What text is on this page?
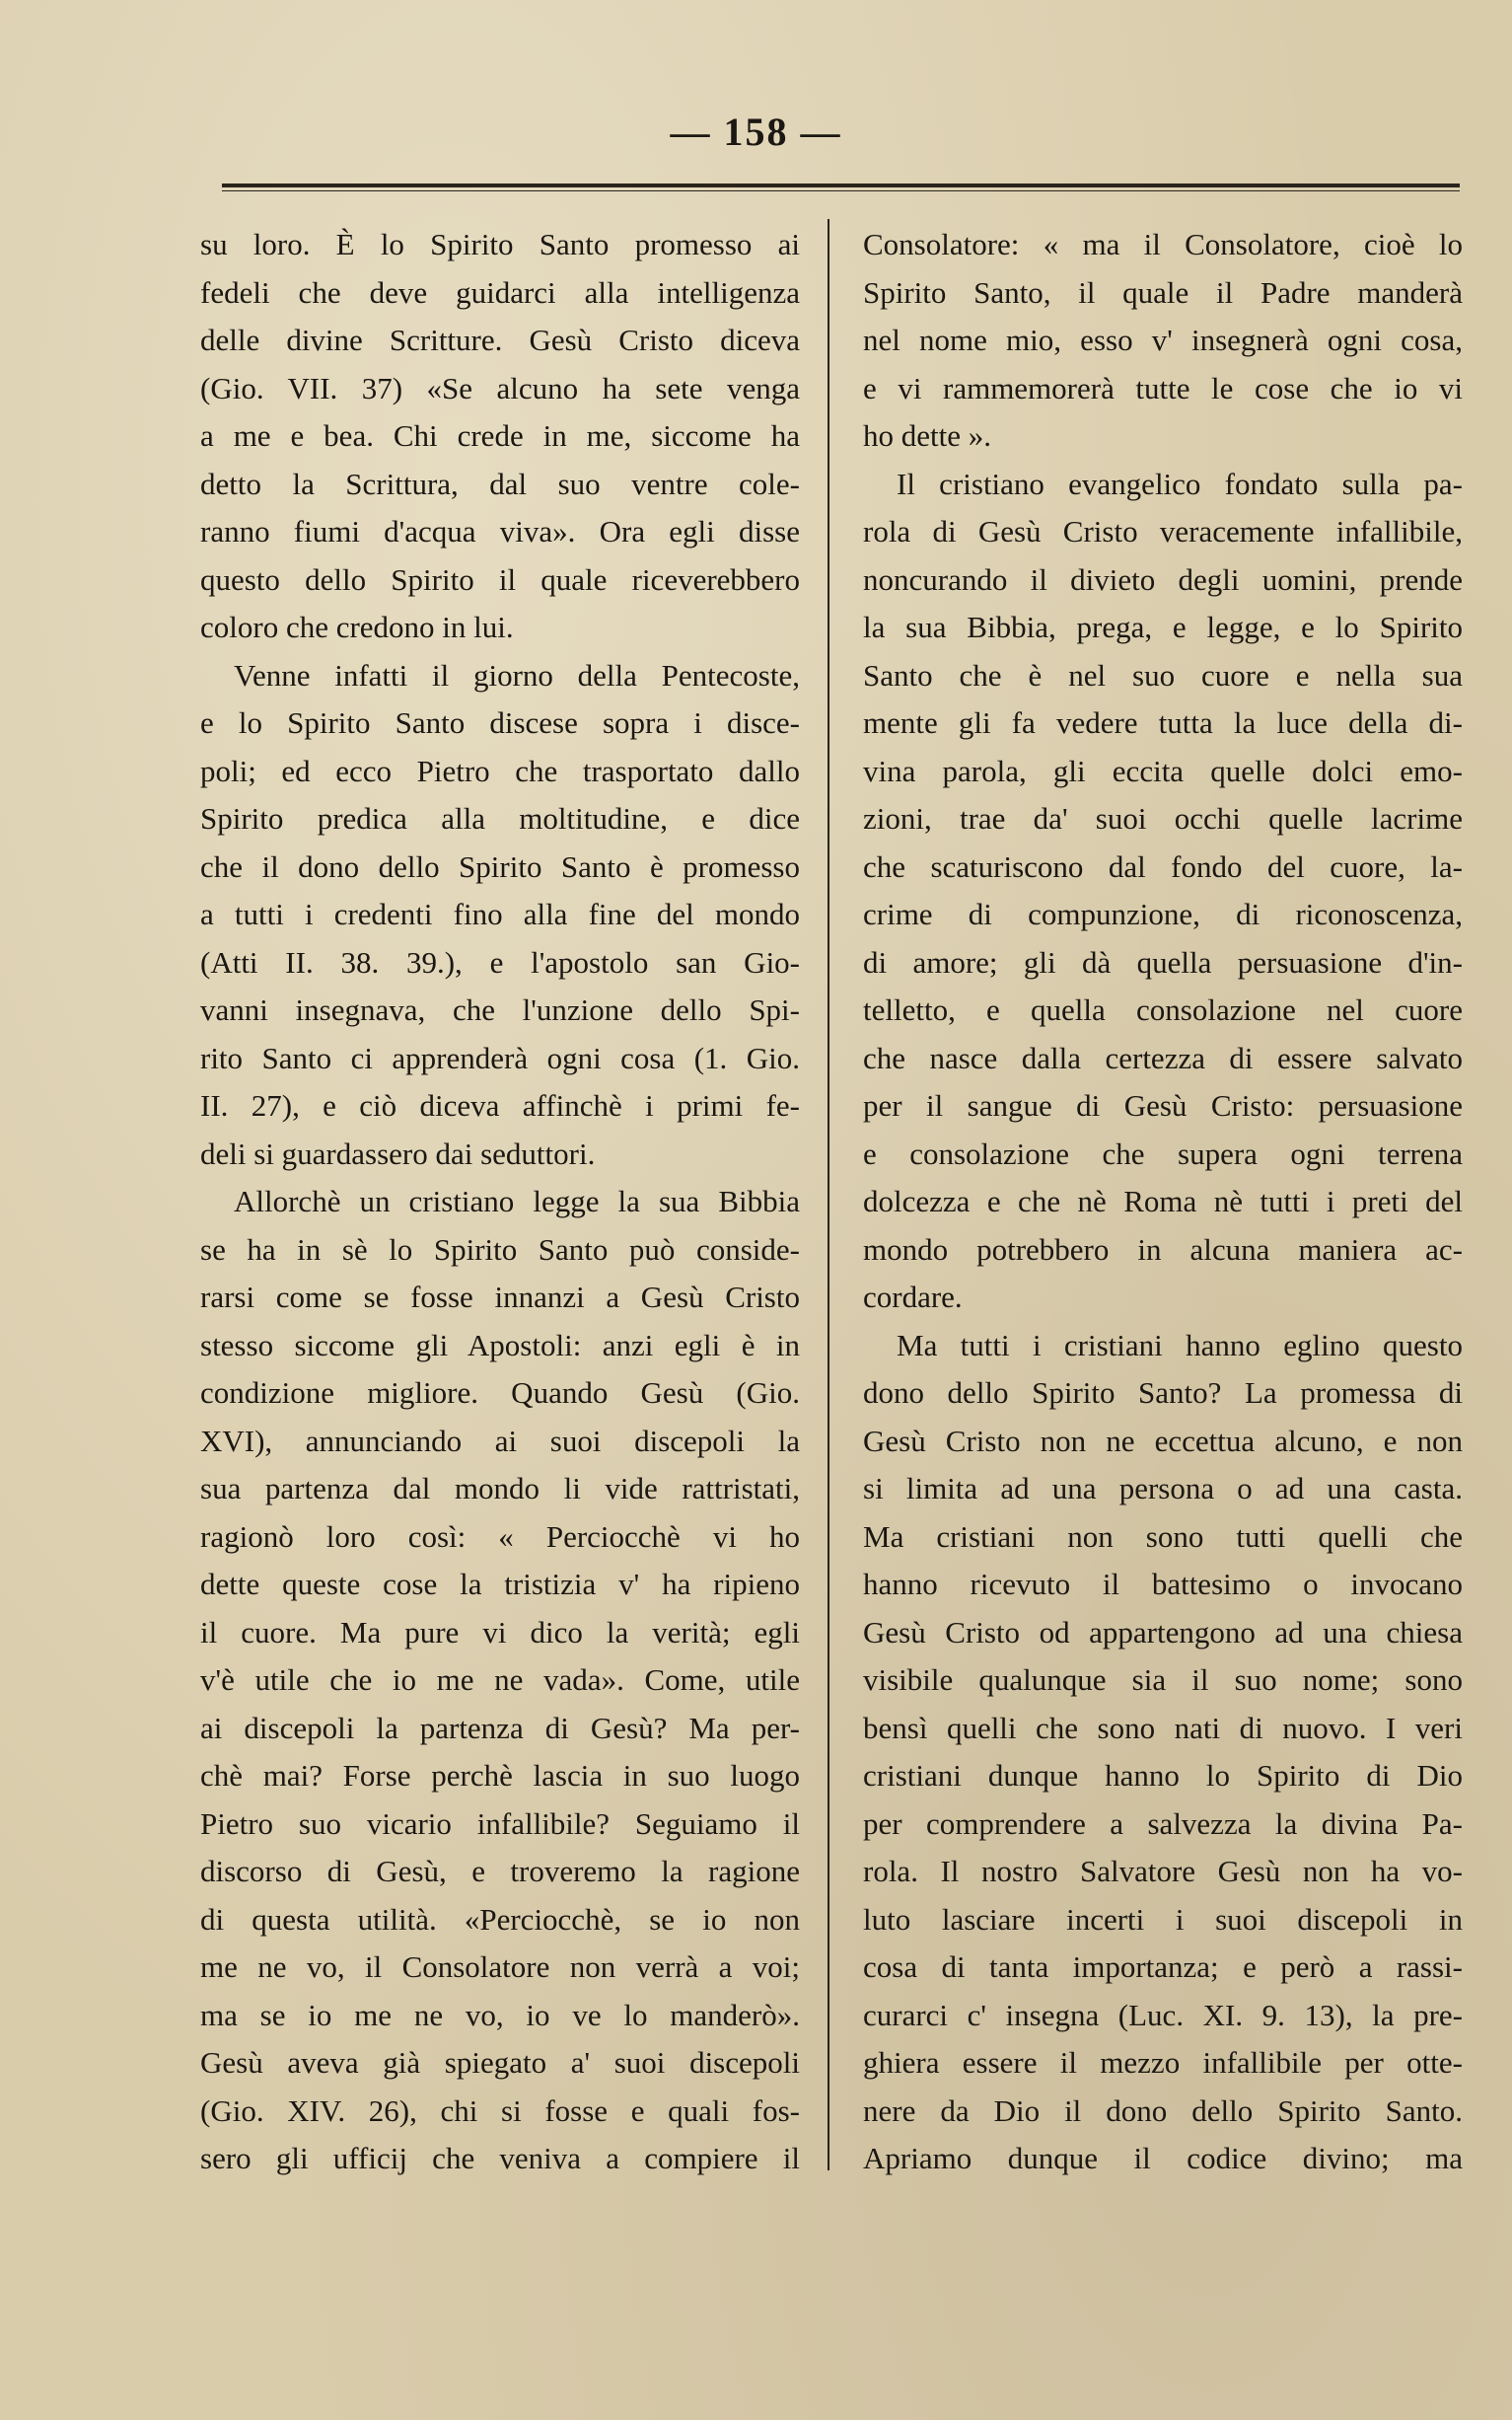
— 158 —
su loro. È lo Spirito Santo promesso ai
fedeli che deve guidarci alla intelligenza
delle divine Scritture. Gesù Cristo diceva
(Gio. VII. 37) «Se alcuno ha sete venga
a me e bea. Chi crede in me, siccome ha
detto la Scrittura, dal suo ventre cole-
ranno fiumi d'acqua viva». Ora egli disse
questo dello Spirito il quale riceverebbero
coloro che credono in lui.
Venne infatti il giorno della Pentecoste,
e lo Spirito Santo discese sopra i disce-
poli; ed ecco Pietro che trasportato dallo
Spirito predica alla moltitudine, e dice
che il dono dello Spirito Santo è promesso
a tutti i credenti fino alla fine del mondo
(Atti II. 38. 39.), e l'apostolo san Gio-
vanni insegnava, che l'unzione dello Spi-
rito Santo ci apprenderà ogni cosa (1. Gio.
II. 27), e ciò diceva affinchè i primi fe-
deli si guardassero dai seduttori.
Allorchè un cristiano legge la sua Bibbia
se ha in sè lo Spirito Santo può conside-
rarsi come se fosse innanzi a Gesù Cristo
stesso siccome gli Apostoli: anzi egli è in
condizione migliore. Quando Gesù (Gio.
XVI), annunciando ai suoi discepoli la
sua partenza dal mondo li vide rattristati,
ragionò loro così: « Perciocchè vi ho
dette queste cose la tristizia v' ha ripieno
il cuore. Ma pure vi dico la verità; egli
v'è utile che io me ne vada». Come, utile
ai discepoli la partenza di Gesù? Ma per-
chè mai? Forse perchè lascia in suo luogo
Pietro suo vicario infallibile? Seguiamo il
discorso di Gesù, e troveremo la ragione
di questa utilità. «Perciocchè, se io non
me ne vo, il Consolatore non verrà a voi;
ma se io me ne vo, io ve lo manderò».
Gesù aveva già spiegato a' suoi discepoli
(Gio. XIV. 26), chi si fosse e quali fos-
sero gli ufficij che veniva a compiere il
Consolatore: « ma il Consolatore, cioè lo
Spirito Santo, il quale il Padre manderà
nel nome mio, esso v' insegnerà ogni cosa,
e vi rammemorerà tutte le cose che io vi
ho dette ».
Il cristiano evangelico fondato sulla pa-
rola di Gesù Cristo veracemente infallibile,
noncurando il divieto degli uomini, prende
la sua Bibbia, prega, e legge, e lo Spirito
Santo che è nel suo cuore e nella sua
mente gli fa vedere tutta la luce della di-
vina parola, gli eccita quelle dolci emo-
zioni, trae da' suoi occhi quelle lacrime
che scaturiscono dal fondo del cuore, la-
crime di compunzione, di riconoscenza,
di amore; gli dà quella persuasione d'in-
telletto, e quella consolazione nel cuore
che nasce dalla certezza di essere salvato
per il sangue di Gesù Cristo: persuasione
e consolazione che supera ogni terrena
dolcezza e che nè Roma nè tutti i preti del
mondo potrebbero in alcuna maniera ac-
cordare.
Ma tutti i cristiani hanno eglino questo
dono dello Spirito Santo? La promessa di
Gesù Cristo non ne eccettua alcuno, e non
si limita ad una persona o ad una casta.
Ma cristiani non sono tutti quelli che
hanno ricevuto il battesimo o invocano
Gesù Cristo od appartengono ad una chiesa
visibile qualunque sia il suo nome; sono
bensì quelli che sono nati di nuovo. I veri
cristiani dunque hanno lo Spirito di Dio
per comprendere a salvezza la divina Pa-
rola. Il nostro Salvatore Gesù non ha vo-
luto lasciare incerti i suoi discepoli in
cosa di tanta importanza; e però a rassi-
curarci c' insegna (Luc. XI. 9. 13), la pre-
ghiera essere il mezzo infallibile per otte-
nere da Dio il dono dello Spirito Santo.
Apriamo dunque il codice divino; ma
